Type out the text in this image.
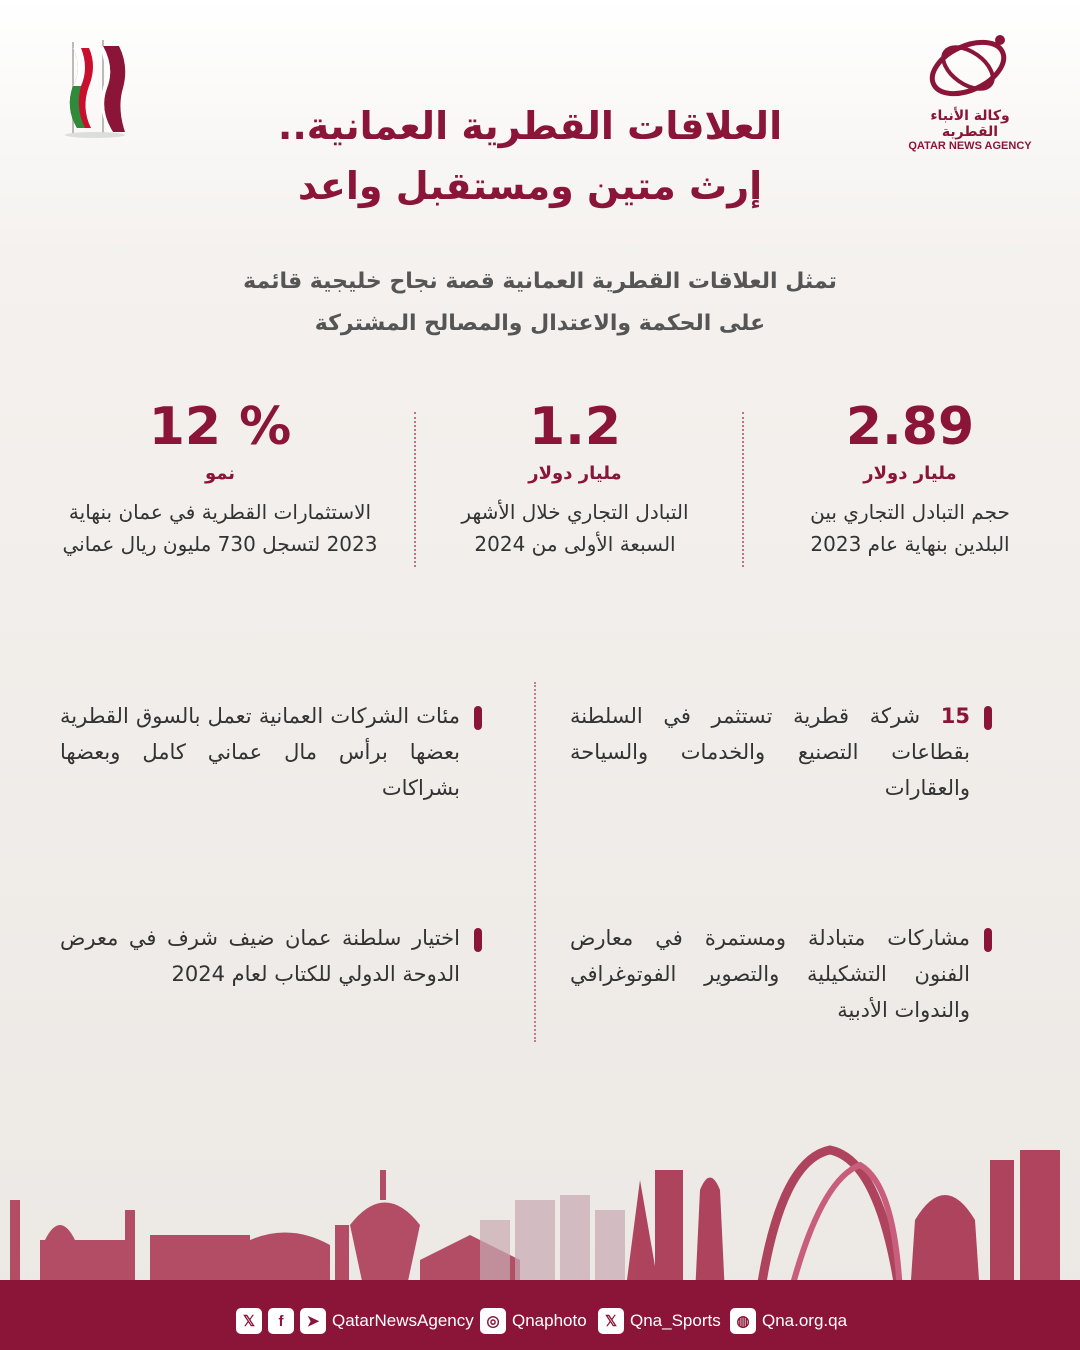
وكالة الأنباء القطرية
QATAR NEWS AGENCY
العلاقات القطرية العمانية..
إرث متين ومستقبل واعد
تمثل العلاقات القطرية العمانية قصة نجاح خليجية قائمة
على الحكمة والاعتدال والمصالح المشتركة
2.89
مليار دولار
حجم التبادل التجاري بين
البلدين بنهاية عام 2023
1.2
مليار دولار
التبادل التجاري خلال الأشهر
السبعة الأولى من 2024
12 %
نمو
الاستثمارات القطرية في عمان بنهاية
2023 لتسجل 730 مليون ريال عماني
15 شركة قطرية تستثمر في السلطنة بقطاعات التصنيع والخدمات والسياحة والعقارات
مئات الشركات العمانية تعمل بالسوق القطرية بعضها برأس مال عماني كامل وبعضها بشراكات
مشاركات متبادلة ومستمرة في معارض الفنون التشكيلية والتصوير الفوتوغرافي والندوات الأدبية
اختيار سلطنة عمان ضيف شرف في معرض الدوحة الدولي للكتاب لعام 2024
𝕏	f	➤ QatarNewsAgency ◎ Qnaphoto	𝕏 Qna_Sports	◍ Qna.org.qa
